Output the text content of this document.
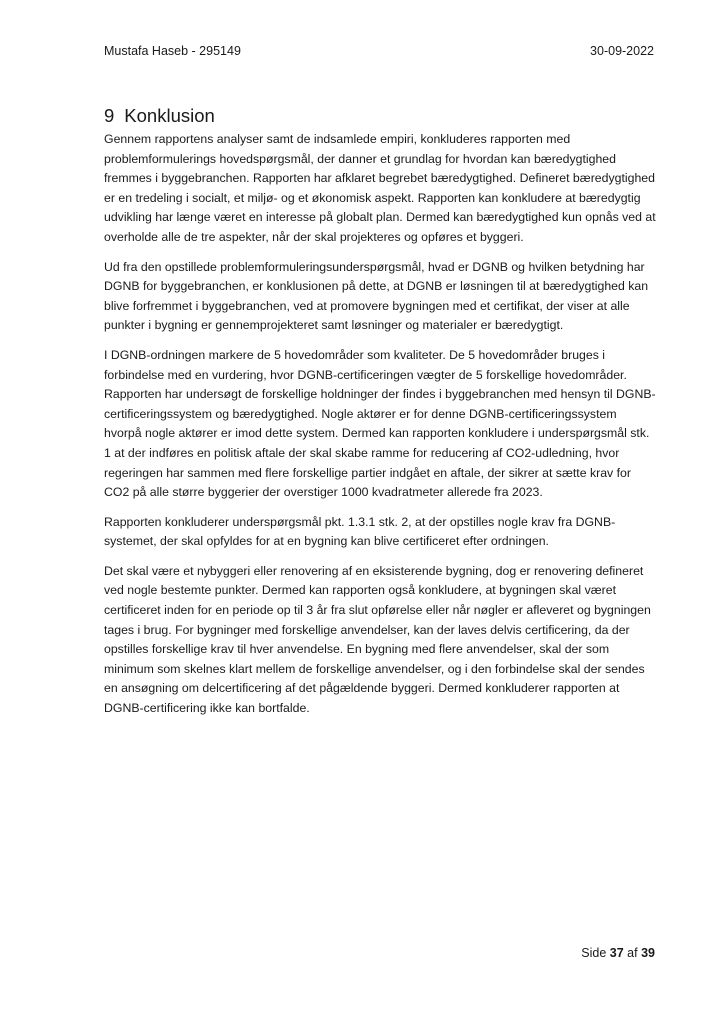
Mustafa Haseb - 295149	30-09-2022
9 Konklusion

Gennem rapportens analyser samt de indsamlede empiri, konkluderes rapporten med problemformulerings hovedspørgsmål, der danner et grundlag for hvordan kan bæredygtighed fremmes i byggebranchen. Rapporten har afklaret begrebet bæredygtighed. Defineret bæredygtighed er en tredeling i socialt, et miljø- og et økonomisk aspekt. Rapporten kan konkludere at bæredygtig udvikling har længe været en interesse på globalt plan. Dermed kan bæredygtighed kun opnås ved at overholde alle de tre aspekter, når der skal projekteres og opføres et byggeri.

Ud fra den opstillede problemformuleringsunderspørgsmål, hvad er DGNB og hvilken betydning har DGNB for byggebranchen, er konklusionen på dette, at DGNB er løsningen til at bæredygtighed kan blive forfremmet i byggebranchen, ved at promovere bygningen med et certifikat, der viser at alle punkter i bygning er gennemprojekteret samt løsninger og materialer er bæredygtigt.

I DGNB-ordningen markere de 5 hovedområder som kvaliteter. De 5 hovedområder bruges i forbindelse med en vurdering, hvor DGNB-certificeringen vægter de 5 forskellige hovedområder. Rapporten har undersøgt de forskellige holdninger der findes i byggebranchen med hensyn til DGNB-certificeringssystem og bæredygtighed. Nogle aktører er for denne DGNB-certificeringssystem hvorpå nogle aktører er imod dette system. Dermed kan rapporten konkludere i underspørgsmål stk. 1 at der indføres en politisk aftale der skal skabe ramme for reducering af CO2-udledning, hvor regeringen har sammen med flere forskellige partier indgået en aftale, der sikrer at sætte krav for CO2 på alle større byggerier der overstiger 1000 kvadratmeter allerede fra 2023.

Rapporten konkluderer underspørgsmål pkt. 1.3.1 stk. 2, at der opstilles nogle krav fra DGNB-systemet, der skal opfyldes for at en bygning kan blive certificeret efter ordningen.

Det skal være et nybyggeri eller renovering af en eksisterende bygning, dog er renovering defineret ved nogle bestemte punkter. Dermed kan rapporten også konkludere, at bygningen skal været certificeret inden for en periode op til 3 år fra slut opførelse eller når nøgler er afleveret og bygningen tages i brug. For bygninger med forskellige anvendelser, kan der laves delvis certificering, da der opstilles forskellige krav til hver anvendelse. En bygning med flere anvendelser, skal der som minimum som skelnes klart mellem de forskellige anvendelser, og i den forbindelse skal der sendes en ansøgning om delcertificering af det pågældende byggeri. Dermed konkluderer rapporten at DGNB-certificering ikke kan bortfalde.

Side 37 af 39
